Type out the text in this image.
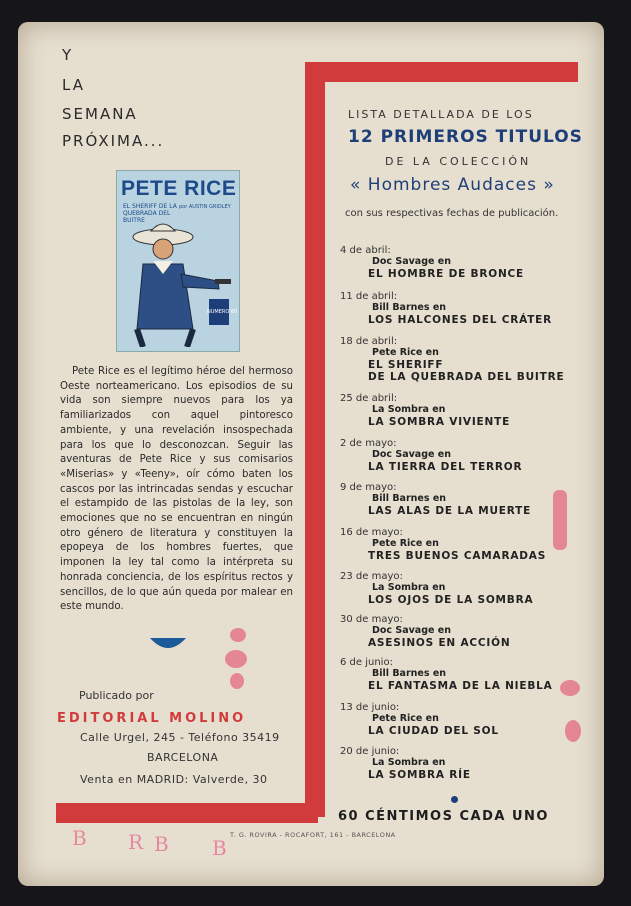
Y
LA
SEMANA
PRÓXIMA...
PETE RICE
EL SHERIFF DE LA QUEBRADA DEL BUITRE
por AUSTIN GRIDLEY
NUMERO 60
Pete Rice es el legítimo héroe del hermoso Oeste norteamericano. Los episodios de su vida son siempre nuevos para los ya familiarizados con aquel pintoresco ambiente, y una revelación insospechada para los que lo desconozcan. Seguir las aventuras de Pete Rice y sus comisarios «Miserias» y «Teeny», oír cómo baten los cascos por las intrincadas sendas y escuchar el estampido de las pistolas de la ley, son emociones que no se encuentran en ningún otro género de literatura y constituyen la epopeya de los hombres fuertes, que imponen la ley tal como la intérpreta su honrada conciencia, de los espíritus rectos y sencillos, de lo que aún queda por malear en este mundo.
Publicado por
EDITORIAL MOLINO
Calle Urgel, 245 - Teléfono 35419
BARCELONA
Venta en MADRID: Valverde, 30
LISTA DETALLADA DE LOS
12 PRIMEROS TITULOS
DE LA COLECCIÓN
« Hombres Audaces »
con sus respectivas fechas de publicación.
4 de abril:
Doc Savage en
EL HOMBRE DE BRONCE
11 de abril:
Bill Barnes en
LOS HALCONES DEL CRÁTER
18 de abril:
Pete Rice en
EL SHERIFF
DE LA QUEBRADA DEL BUITRE
25 de abril:
La Sombra en
LA SOMBRA VIVIENTE
2 de mayo:
Doc Savage en
LA TIERRA DEL TERROR
9 de mayo:
Bill Barnes en
LAS ALAS DE LA MUERTE
16 de mayo:
Pete Rice en
TRES BUENOS CAMARADAS
23 de mayo:
La Sombra en
LOS OJOS DE LA SOMBRA
30 de mayo:
Doc Savage en
ASESINOS EN ACCIÓN
6 de junio:
Bill Barnes en
EL FANTASMA DE LA NIEBLA
13 de junio:
Pete Rice en
LA CIUDAD DEL SOL
20 de junio:
La Sombra en
LA SOMBRA RÍE
60 CÉNTIMOS CADA UNO
T. G. ROVIRA - ROCAFORT, 161 - BARCELONA
B R B B
